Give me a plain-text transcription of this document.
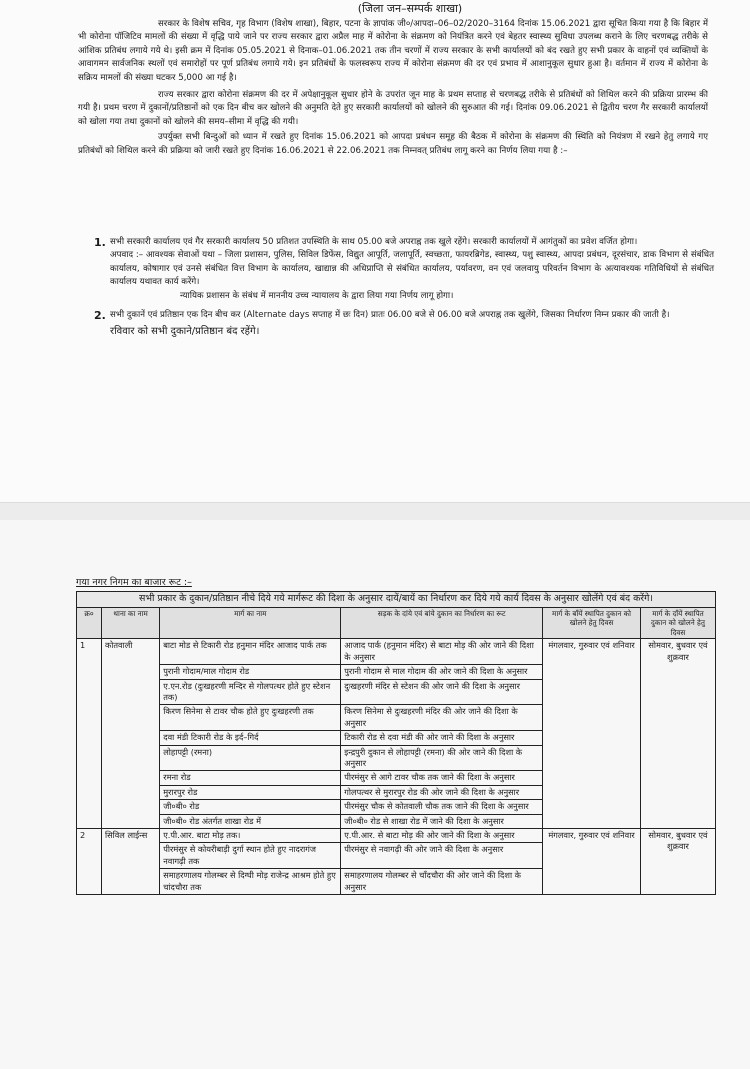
(जिला जन–सम्पर्क शाखा)

सरकार के विशेष सचिव, गृह विभाग (विशेष शाखा), बिहार, पटना के ज्ञापांक जी०/आपदा–06–02/2020–3164 दिनांक 15.06.2021 द्वारा सूचित किया गया है कि बिहार में भी कोरोना पॉजिटिव मामलों की संख्या में वृद्धि पाये जाने पर राज्य सरकार द्वारा अप्रैल माह में कोरोना के संक्रमण को नियंत्रित करने एवं बेहतर स्वास्थ्य सुविधा उपलब्ध कराने के लिए चरणबद्ध तरीके से आंशिक प्रतिबंध लगाये गये थे। इसी क्रम में दिनांक 05.05.2021 से दिनाक–01.06.2021 तक तीन चरणों में राज्य सरकार के सभी कार्यालयों को बंद रखते हुए सभी प्रकार के वाहनों एवं व्यक्तियों के आवागमन सार्वजनिक स्थलों एवं समारोहों पर पूर्ण प्रतिबंध लगाये गये। इन प्रतिबंधों के फलस्वरूप राज्य में कोरोना संक्रमण की दर एवं प्रभाव में आशानुकूल सुधार हुआ है। वर्तमान में राज्य में कोरोना के सक्रिय मामलों की संख्या घटकर 5,000 आ गई है।

राज्य सरकार द्वारा कोरोना संक्रमण की दर में अपेक्षानुकूल सुधार होने के उपरांत जून माह के प्रथम सप्ताह से चरणबद्ध तरीके से प्रतिबंधों को शिथिल करने की प्रक्रिया प्रारम्भ की गयी है। प्रथम चरण में दुकानों/प्रतिष्ठानों को एक दिन बीच कर खोलने की अनुमति देते हुए सरकारी कार्यालयों को खोलने की सुरुआत की गई। दिनांक 09.06.2021 से द्वितीय चरण गैर सरकारी कार्यालयों को खोला गया तथा दुकानों को खोलने की समय–सीमा में वृद्धि की गयी।

उपर्युक्त सभी बिन्दुओं को ध्यान में रखते हुए दिनांक 15.06.2021 को आपदा प्रबंधन समूह की बैठक में कोरोना के संक्रमण की स्थिति को नियंत्रण में रखने हेतु लगाये गए प्रतिबंधों को शिथिल करने की प्रक्रिया को जारी रखते हुए दिनांक 16.06.2021 से 22.06.2021 तक निम्नवत् प्रतिबंध लागू करने का निर्णय लिया गया है :–

1. सभी सरकारी कार्यालय एवं गैर सरकारी कार्यालय 50 प्रतिशत उपस्थिति के साथ 05.00 बजे अपराह्न तक खुले रहेंगे। सरकारी कार्यालयों में आगंतुकों का प्रवेश वर्जित होगा।

अपवाद :– आवश्यक सेवाओं यथा – जिला प्रशासन, पुलिस, सिविल डिफेंस, विद्युत आपूर्ति, जलापूर्ति, स्वच्छता, फायरब्रिगेड, स्वास्थ्य, पशु स्वास्थ्य, आपदा प्रबंधन, दूरसंचार, डाक विभाग से संबंधित कार्यालय, कोषागार एवं उनसे संबंधित वित्त विभाग के कार्यालय, खाद्यान्न की अधिप्राप्ति से संबंधित कार्यालय, पर्यावरण, वन एवं जलवायु परिवर्तन विभाग के अत्यावश्यक गतिविधियों से संबंधित कार्यालय यथावत कार्य करेंगे।

न्यायिक प्रशासन के संबंध में माननीय उच्च न्यायालय के द्वारा लिया गया निर्णय लागू होगा।

2. सभी दुकानें एवं प्रतिष्ठान एक दिन बीच कर (Alternate days सप्ताह में छः दिन) प्रातः 06.00 बजे से 06.00 बजे अपराह्न तक खुलेंगे, जिसका निर्धारण निम्न प्रकार की जाती है।

रविवार को सभी दुकाने/प्रतिष्ठान बंद रहेंगे।

गया नगर निगम का बाजार रूट :–
सभी प्रकार के दुकान/प्रतिष्ठान नीचे दिये गये मार्गरूट की दिशा के अनुसार दायें/बायें का निर्धारण कर दिये गये कार्य दिवस के अनुसार खोलेंगे एवं बंद करेंगे।					
क्र०	थाना का नाम	मार्ग का नाम	सड़क के दांये एवं बांये दुकान का निर्धारण का रूट	मार्ग के बाँयें स्थापित दुकान को खोलने हेतु दिवस	मार्ग के दाँयें स्थापित दुकान को खोलने हेतु दिवस
1	कोतवाली	बाटा मोड से टिकारी रोड हनुमान मंदिर आजाद पार्क तक	आजाद पार्क (हनुमान मंदिर) से बाटा मोड़ की ओर जाने की दिशा के अनुसार	मंगलवार, गुरुवार एवं शनिवार	सोमवार, बुधवार एवं शुक्रवार
		पुरानी गोदाम/माल गोदाम रोड	पुरानी गोदाम से माल गोदाम की ओर जाने की दिशा के अनुसार		
		ए.एन.रोड (दुःखहरणी मन्दिर से गोलपत्थर होते हुए स्टेशन तक)	दुःखहरणी मंदिर से स्टेशन की ओर जाने की दिशा के अनुसार		
		किरण सिनेमा से टावर चौक होते हुए दुःखहरणी तक	किरण सिनेमा से दुःखहरणी मंदिर की ओर जाने की दिशा के अनुसार		
		दवा मंडी टिकारी रोड के इर्द–गिर्द	टिकारी रोड से दवा मंडी की ओर जाने की दिशा के अनुसार		
		लोहापट्टी (रमना)	इन्द्रपुरी दुकान से लोहापट्टी (रमना) की ओर जाने की दिशा के अनुसार		
		रमना रोड	पीरमंसुर से आगे टावर चौक तक जाने की दिशा के अनुसार		
		मुरारपुर रोड	गोलपत्थर से मुरारपुर रोड की ओर जाने की दिशा के अनुसार		
		जी०बी० रोड	पीरमंसुर चौक से कोतवाली चौक तक जाने की दिशा के अनुसार		
		जी०बी० रोड अंतर्गत शाखा रोड में	जी०बी० रोड से शाखा रोड में जाने की दिशा के अनुसार		
2	सिविल लाईन्स	ए.पी.आर. बाटा मोड़ तक।	ए.पी.आर. से बाटा मोड़ की ओर जाने की दिशा के अनुसार	मंगलवार, गुरुवार एवं शनिवार	सोमवार, बुधवार एवं शुक्रवार
		पीरमंसुर से कोयरीबाड़ी दुर्गा स्थान होते हुए नादरागंज नवागढ़ी तक	पीरमंसुर से नवागढ़ी की ओर जाने की दिशा के अनुसार		
		समाहरणालय गोलम्बर से दिग्घी मोड़ राजेन्द्र आश्रम होते हुए चांदचौरा तक	समाहरणालय गोलम्बर से चाँदचौरा की ओर जाने की दिशा के अनुसार		
